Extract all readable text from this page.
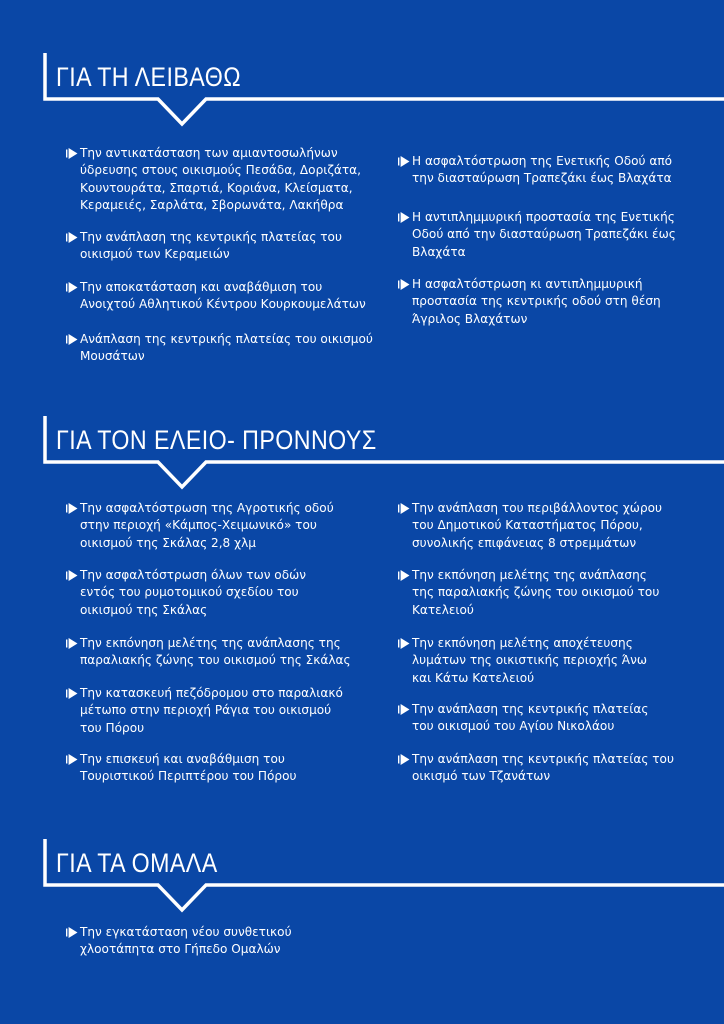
ΓΙΑ ΤΗ ΛΕΙΒΑΘΩ
Την αντικατάσταση των αμιαντοσωλήνων
ύδρευσης στους οικισμούς Πεσάδα, Δοριζάτα,
Κουντουράτα, Σπαρτιά, Κοριάνα, Κλείσματα,
Κεραμειές, Σαρλάτα, Σβορωνάτα, Λακήθρα
Την ανάπλαση της κεντρικής πλατείας του
οικισμού των Κεραμειών
Την αποκατάσταση και αναβάθμιση του
Ανοιχτού Αθλητικού Κέντρου Κουρκουμελάτων
Ανάπλαση της κεντρικής πλατείας του οικισμού
Μουσάτων
Η ασφαλτόστρωση της Ενετικής Οδού από
την διασταύρωση Τραπεζάκι έως Βλαχάτα
Η αντιπλημμυρική προστασία της Ενετικής
Οδού από την διασταύρωση Τραπεζάκι έως
Βλαχάτα
Η ασφαλτόστρωση κι αντιπλημμυρική
προστασία της κεντρικής οδού στη θέση
Άγριλος Βλαχάτων
ΓΙΑ ΤΟΝ ΕΛΕΙΟ- ΠΡΟΝΝΟΥΣ
Την ασφαλτόστρωση της Αγροτικής οδού
στην περιοχή «Κάμπος-Χειμωνικό» του
οικισμού της Σκάλας 2,8 χλμ
Την ασφαλτόστρωση όλων των οδών
εντός του ρυμοτομικού σχεδίου του
οικισμού της Σκάλας
Την εκπόνηση μελέτης της ανάπλασης της
παραλιακής ζώνης του οικισμού της Σκάλας
Την κατασκευή πεζόδρομου στο παραλιακό
μέτωπο στην περιοχή Ράγια του οικισμού
του Πόρου
Την επισκευή και αναβάθμιση του
Τουριστικού Περιπτέρου του Πόρου
Την ανάπλαση του περιβάλλοντος χώρου
του Δημοτικού Καταστήματος Πόρου,
συνολικής επιφάνειας 8 στρεμμάτων
Την εκπόνηση μελέτης της ανάπλασης
της παραλιακής ζώνης του οικισμού του
Κατελειού
Την εκπόνηση μελέτης αποχέτευσης
λυμάτων της οικιστικής περιοχής Άνω
και Κάτω Κατελειού
Την ανάπλαση της κεντρικής πλατείας
του οικισμού του Αγίου Νικολάου
Την ανάπλαση της κεντρικής πλατείας του
οικισμό των Τζανάτων
ΓΙΑ ΤΑ ΟΜΑΛΑ
Την εγκατάσταση νέου συνθετικού
χλοοτάπητα στο Γήπεδο Ομαλών
